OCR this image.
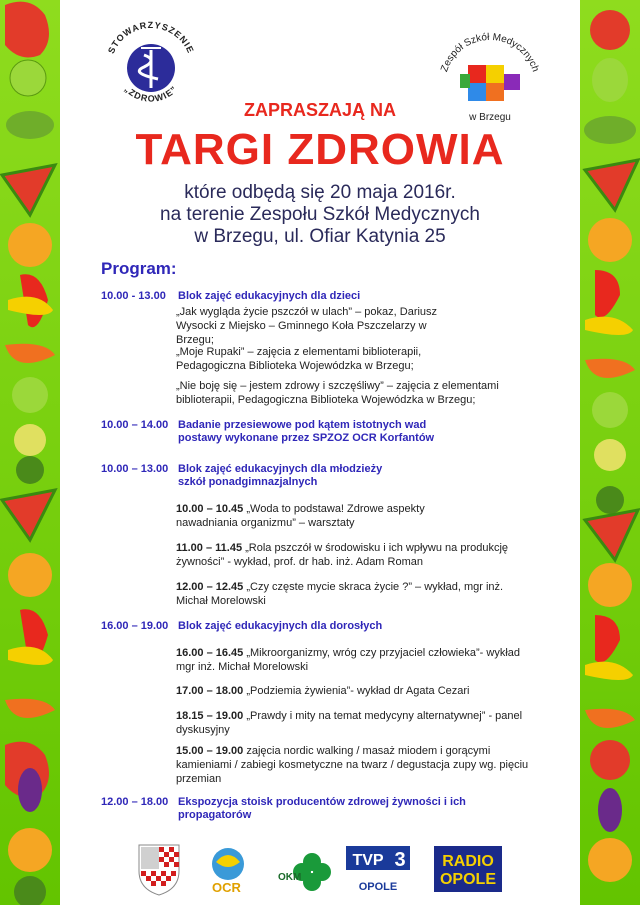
STOWARZYSZENIE
„ZDROWIE”
Zespół Szkół Medycznych
w Brzegu
ZAPRASZAJĄ NA
TARGI ZDROWIA
które odbędą się 20 maja 2016r.
na terenie Zespołu Szkół Medycznych
w Brzegu, ul. Ofiar Katynia 25
Program:
10.00 - 13.00 Blok zajęć edukacyjnych dla dzieci
„Jak wygląda życie pszczół w ulach” – pokaz, Dariusz Wysocki z Miejsko – Gminnego Koła Pszczelarzy w Brzegu;
„Moje Rupaki” – zajęcia z elementami biblioterapii, Pedagogiczna Biblioteka Wojewódzka w Brzegu;
„Nie boję się – jestem zdrowy i szczęśliwy” – zajęcia z elementami biblioterapii, Pedagogiczna Biblioteka Wojewódzka w Brzegu;
10.00 – 14.00 Badanie przesiewowe pod kątem istotnych wad postawy wykonane przez SPZOZ OCR Korfantów
10.00 – 13.00 Blok zajęć edukacyjnych dla młodzieży szkół ponadgimnazjalnych
10.00 – 10.45 „Woda to podstawa! Zdrowe aspekty nawadniania organizmu” – warsztaty
11.00 – 11.45 „Rola pszczół w środowisku i ich wpływu na produkcję żywności” - wykład, prof. dr hab. inż. Adam Roman
12.00 – 12.45 „Czy częste mycie skraca życie ?” – wykład, mgr inż. Michał Morelowski
16.00 – 19.00 Blok zajęć edukacyjnych dla dorosłych
16.00 – 16.45 „Mikroorganizmy, wróg czy przyjaciel człowieka”- wykład mgr inż. Michał Morelowski
17.00 – 18.00 „Podziemia żywienia”- wykład dr Agata Cezari
18.15 – 19.00 „Prawdy i mity na temat medycyny alternatywnej” - panel dyskusyjny
15.00 – 19.00 zajęcia nordic walking / masaż miodem i gorącymi kamieniami / zabiegi kosmetyczne na twarz / degustacja zupy wg. pięciu przemian
12.00 – 18.00 Ekspozycja stoisk producentów zdrowej żywności i ich propagatorów
OCR
OKM
TVP 3
OPOLE
RADIO
OPOLE
